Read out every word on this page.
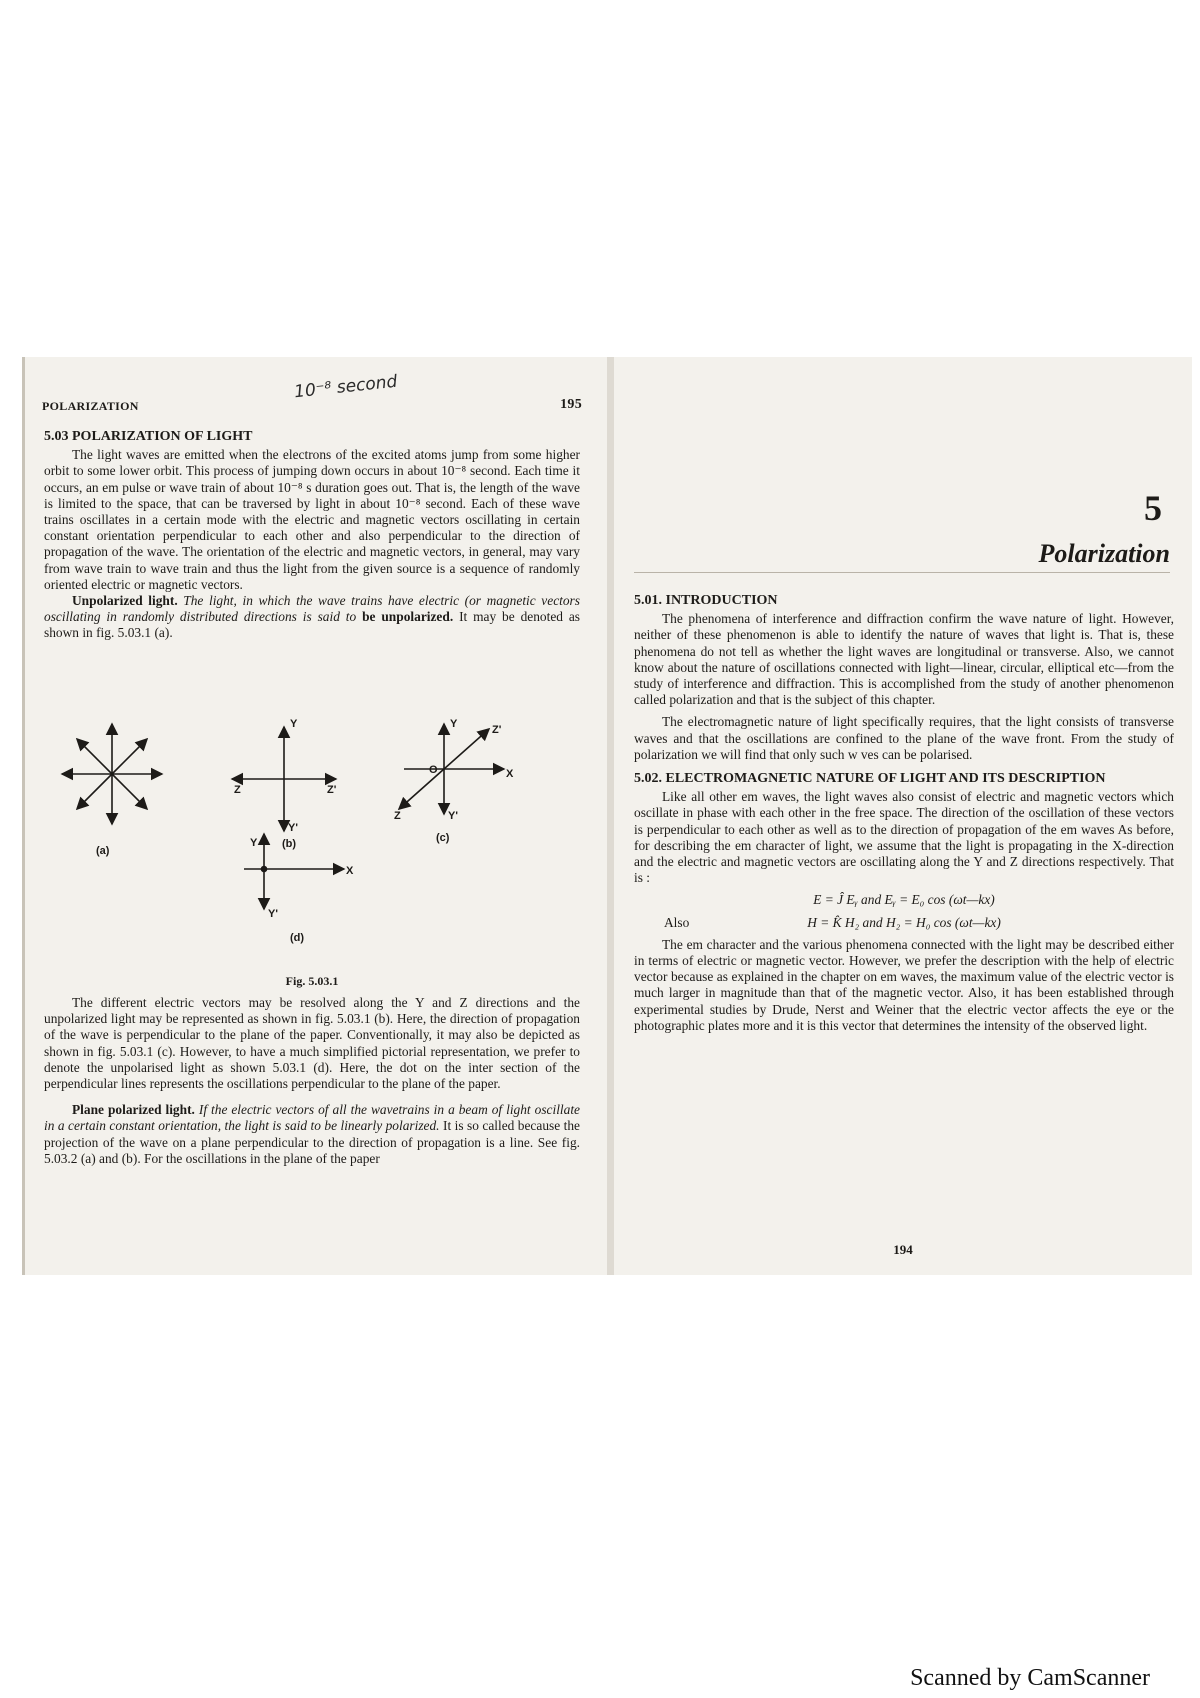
POLARIZATION	195
10⁻⁸ second
5.03 POLARIZATION OF LIGHT

The light waves are emitted when the electrons of the excited atoms jump from some higher orbit to some lower orbit. This process of jumping down occurs in about 10⁻⁸ second. Each time it occurs, an em pulse or wave train of about 10⁻⁸ s duration goes out. That is, the length of the wave is limited to the space, that can be traversed by light in about 10⁻⁸ second. Each of these wave trains oscillates in a certain mode with the electric and magnetic vectors oscillating in certain constant orientation perpendicular to each other and also perpendicular to the direction of propagation of the wave. The orientation of the electric and magnetic vectors, in general, may vary from wave train to wave train and thus the light from the given source is a sequence of randomly oriented electric or magnetic vectors.

Unpolarized light. The light, in which the wave trains have electric (or magnetic vectors oscillating in randomly distributed directions is said to be unpolarized. It may be denoted as shown in fig. 5.03.1 (a).

(a)
Y
Y'
Z	Z'
(b)
Y	Z'
O	X
Z	Y'
(c)
Y
X
Y'
(d)
Fig. 5.03.1

The different electric vectors may be resolved along the Y and Z directions and the unpolarized light may be represented as shown in fig. 5.03.1 (b). Here, the direction of propagation of the wave is perpendicular to the plane of the paper. Conventionally, it may also be depicted as shown in fig. 5.03.1 (c). However, to have a much simplified pictorial representation, we prefer to denote the unpolarised light as shown 5.03.1 (d). Here, the dot on the inter section of the perpendicular lines represents the oscillations perpendicular to the plane of the paper.

Plane polarized light. If the electric vectors of all the wavetrains in a beam of light oscillate in a certain constant orientation, the light is said to be linearly polarized. It is so called because the projection of the wave on a plane perpendicular to the direction of propagation is a line. See fig. 5.03.2 (a) and (b). For the oscillations in the plane of the paper

5
Polarization
5.01. INTRODUCTION

The phenomena of interference and diffraction confirm the wave nature of light. However, neither of these phenomenon is able to identify the nature of waves that light is. That is, these phenomena do not tell as whether the light waves are longitudinal or transverse. Also, we cannot know about the nature of oscillations connected with light—linear, circular, elliptical etc—from the study of interference and diffraction. This is accomplished from the study of another phenomenon called polarization and that is the subject of this chapter.

The electromagnetic nature of light specifically requires, that the light consists of transverse waves and that the oscillations are confined to the plane of the wave front. From the study of polarization we will find that only such w ves can be polarised.

5.02. ELECTROMAGNETIC NATURE OF LIGHT AND ITS DESCRIPTION

Like all other em waves, the light waves also consist of electric and magnetic vectors which oscillate in phase with each other in the free space. The direction of the oscillation of these vectors is perpendicular to each other as well as to the direction of propagation of the em waves As before, for describing the em character of light, we assume that the light is propagating in the X-direction and the electric and magnetic vectors are oscillating along the Y and Z directions respectively. That is :

E = Ĵ Eᵧ and Eᵧ = E₀ cos (ωt—kx)
Also	H = K̂ H₂ and H₂ = H₀ cos (ωt—kx)

The em character and the various phenomena connected with the light may be described either in terms of electric or magnetic vector. However, we prefer the description with the help of electric vector because as explained in the chapter on em waves, the maximum value of the electric vector is much larger in magnitude than that of the magnetic vector. Also, it has been established through experimental studies by Drude, Nerst and Weiner that the electric vector affects the eye or the photographic plates more and it is this vector that determines the intensity of the observed light.

194
Scanned by CamScanner
